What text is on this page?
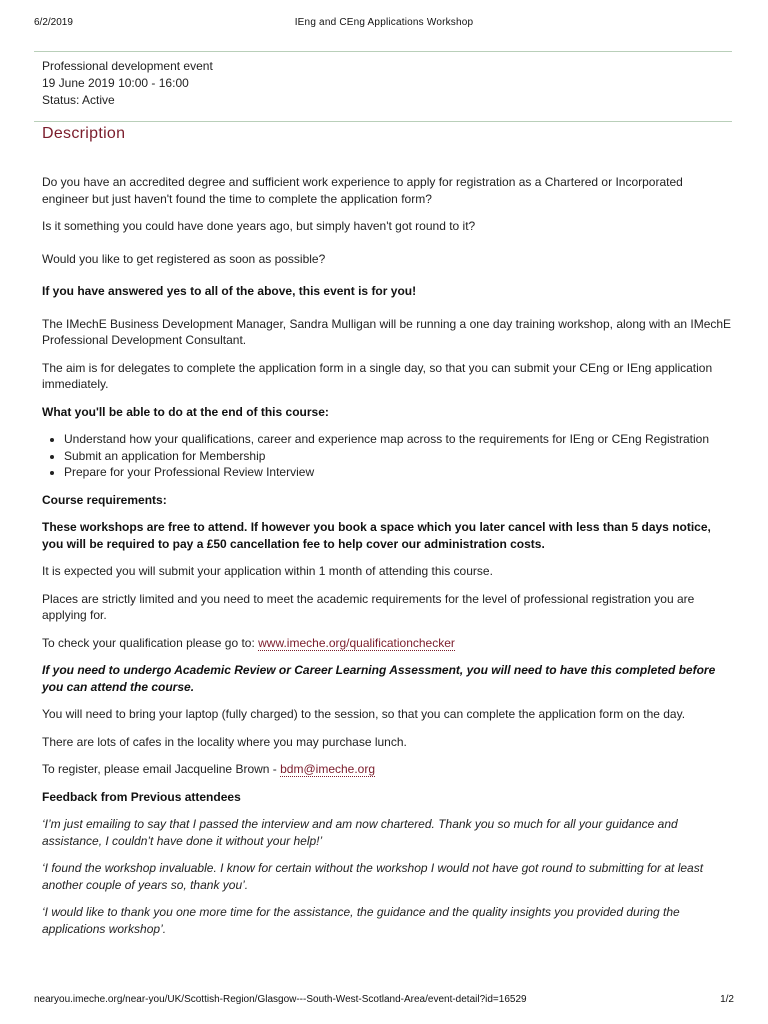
6/2/2019	IEng and CEng Applications Workshop
Professional development event
19 June 2019 10:00 - 16:00
Status: Active
Description

Do you have an accredited degree and sufficient work experience to apply for registration as a Chartered or Incorporated engineer but just haven't found the time to complete the application form?

Is it something you could have done years ago, but simply haven't got round to it?

Would you like to get registered as soon as possible?

If you have answered yes to all of the above, this event is for you!

The IMechE Business Development Manager, Sandra Mulligan will be running a one day training workshop, along with an IMechE Professional Development Consultant.

The aim is for delegates to complete the application form in a single day, so that you can submit your CEng or IEng application immediately.

What you'll be able to do at the end of this course:

• Understand how your qualifications, career and experience map across to the requirements for IEng or CEng Registration
• Submit an application for Membership
• Prepare for your Professional Review Interview

Course requirements:

These workshops are free to attend. If however you book a space which you later cancel with less than 5 days notice, you will be required to pay a £50 cancellation fee to help cover our administration costs.

It is expected you will submit your application within 1 month of attending this course.

Places are strictly limited and you need to meet the academic requirements for the level of professional registration you are applying for.

To check your qualification please go to: www.imeche.org/qualificationchecker

If you need to undergo Academic Review or Career Learning Assessment, you will need to have this completed before you can attend the course.

You will need to bring your laptop (fully charged) to the session, so that you can complete the application form on the day.

There are lots of cafes in the locality where you may purchase lunch.

To register, please email Jacqueline Brown - bdm@imeche.org

Feedback from Previous attendees

‘I’m just emailing to say that I passed the interview and am now chartered. Thank you so much for all your guidance and assistance, I couldn’t have done it without your help!’

‘I found the workshop invaluable. I know for certain without the workshop I would not have got round to submitting for at least another couple of years so, thank you’.

‘I would like to thank you one more time for the assistance, the guidance and the quality insights you provided during the applications workshop’.

nearyou.imeche.org/near-you/UK/Scottish-Region/Glasgow---South-West-Scotland-Area/event-detail?id=16529	1/2
